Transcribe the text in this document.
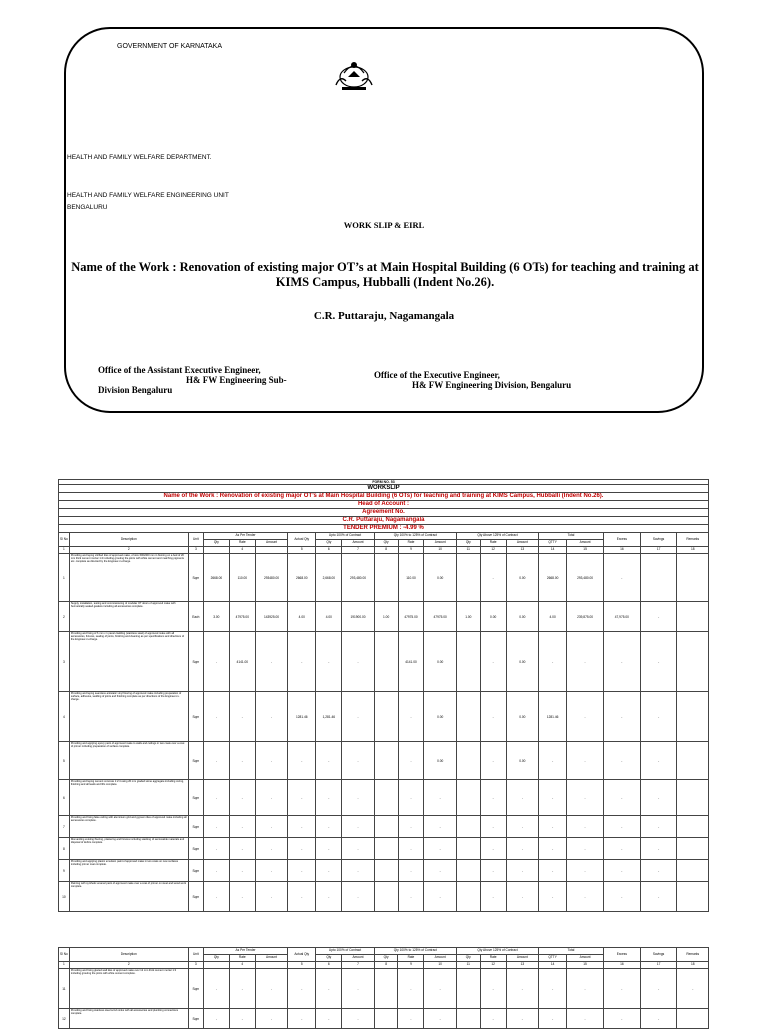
GOVERNMENT OF KARNATAKA
HEALTH AND FAMILY WELFARE DEPARTMENT.
HEALTH AND FAMILY WELFARE ENGINEERING UNIT
BENGALURU
WORK SLIP & EIRL
Name of the Work : Renovation of existing major OT’s at Main Hospital Building (6 OTs) for teaching and training at KIMS Campus, Hubballi (Indent No.26).
C.R. Puttaraju, Nagamangala
Office of the Assistant Executive Engineer,
H& FW Engineering Sub-
Division Bengaluru
Office of the Executive Engineer,
H& FW Engineering Division, Bengaluru
FORM NO. 53																			
WORKSLIP																			
Name of the Work : Renovation of existing major OT’s at Main Hospital Building (6 OTs) for teaching and training at KIMS Campus, Hubballi (Indent No.26).																			
Head of Account :																			
Agreement No.																			
C.R. Puttaraju, Nagamangala																			
TENDER PREMIUM : -4.99 %																			
Sl No	Description	Unit	As Per Tender			Actual Qty	Upto 100% of Contract		Qty 100% to 125% of Contract			Qty Above 125% of Contract			Total		Excess	Savings	Remarks
			Qty	Rate	Amount		Qty	Amount	Qty	Rate	Amount	Qty	Rate	Amount	QTTY	Amount			
1	2	3		4		5	6	7	8	9	10	11	12	13	14	15	16	17	18
1	Providing and laying vitrified tiles of approved make, of size 600x600 mm in flooring on a bed of 20 mm thick cement mortar 1:4 including grouting the joints with white cement and matching pigments etc. complete as directed by the Engineer-in-charge.	Sqm	2668.00	110.00	293480.00	2668.00	2,668.00	293,480.00		110.00	0.00		-	0.00	2668.00	293,480.00	-		
2	Supply, installation, testing and commissioning of modular OT doors of approved make with hermetically sealed gaskets including all accessories complete.	Each	3.00	47975.00	143925.00	4.00	4.00	191900.00	1.00	47975.00	47975.00	1.00	0.00	0.00	4.00	239,875.00	47,975.00	-	
3	Providing and fixing of 6 mm x 1 panel cladding (stainless steel) of approved make with all accessories, fixtures, sealing of joints, finishing and cleaning as per specifications and directions of the Engineer-in-charge.	Sqm	-	4141.00	-	-	-	-		4141.00	0.00		-	0.00	-	-	-	-	
4	Providing and laying seamless antistatic vinyl flooring of approved make including preparation of surface, adhesive, welding of joints and finishing complete as per directions of the Engineer-in-charge.	Sqm	-	-	-	1281.46	1,281.46	-		-	0.00		-	0.00	1281.46	-	-	-	
5	Providing and applying epoxy paint of approved make to walls and ceilings in two coats over a coat of primer including preparation of surface complete.	Sqm	-	-	-	-	-	-		-	0.00		-	0.00	-	-	-	-	
6	Providing and laying cement concrete 1:2:4 using 20 mm graded stone aggregate including curing, finishing and all leads and lifts complete.	Sqm	-	-	-	-	-	-		-	-		-	-	-	-	-	-	
7	Providing and fixing false ceiling with aluminium grid and gypsum tiles of approved make including all accessories complete.	Sqm	-	-	-	-	-	-		-	-		-	-	-	-	-	-	
8	Dismantling existing flooring, plastering and fixtures including stacking of serviceable materials and disposal of debris complete.	Sqm	-	-	-	-	-	-		-	-		-	-	-	-	-	-	
9	Providing and applying plastic emulsion paint of approved make in two coats on new surfaces including primer coat complete.	Sqm	-	-	-	-	-	-		-	-		-	-	-	-	-	-	
10	Painting with synthetic enamel paint of approved make over a coat of primer on steel and wood work complete.	Sqm	-	-	-	-	-	-		-	-		-	-	-	-	-	-	
Sl No	Description	Unit	As Per Tender			Actual Qty	Upto 100% of Contract		Qty 100% to 125% of Contract			Qty Above 125% of Contract			Total		Excess	Savings	Remarks
			Qty	Rate	Amount		Qty	Amount	Qty	Rate	Amount	Qty	Rate	Amount	QTTY	Amount			
1	2	3		4		5	6	7	8	9	10	11	12	13	14	15	16	17	18
11	Providing and fixing glazed wall tiles of approved make over 12 mm thick cement mortar 1:3 including grouting the joints with white cement complete.	Sqm	-	-	-	-	-	-		-	-		-	-	-	-	-	-	-
12	Providing and fixing stainless steel scrub sinks with all accessories and plumbing connections complete.	Sqm	-	-	-	-	-	-		-	-		-	-	-	-	-	-	
